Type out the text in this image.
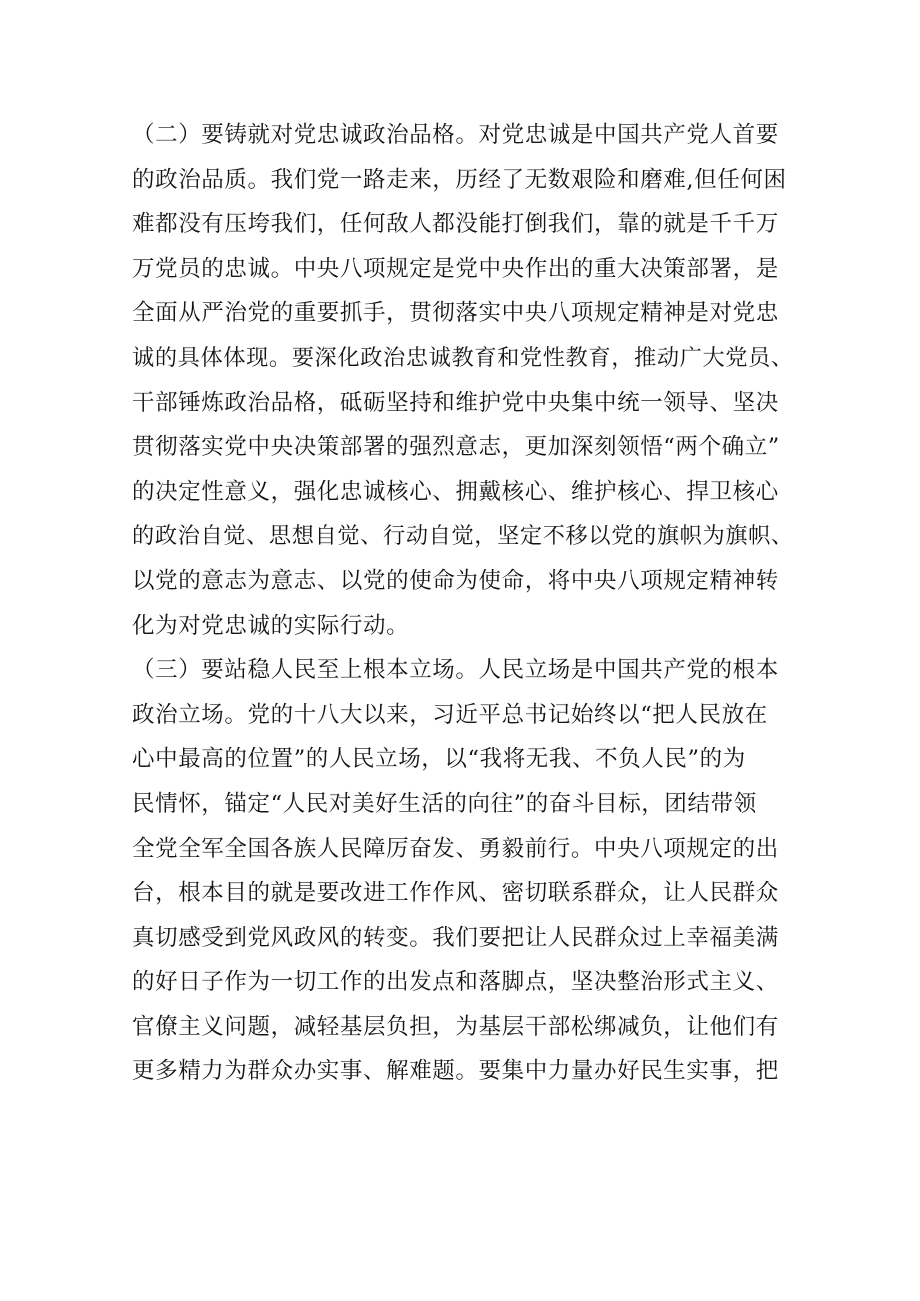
（二）要铸就对党忠诚政治品格。对党忠诚是中国共产党人首要
的政治品质。我们党一路走来，历经了无数艰险和磨难,但任何困
难都没有压垮我们，任何敌人都没能打倒我们，靠的就是千千万
万党员的忠诚。中央八项规定是党中央作出的重大决策部署，是
全面从严治党的重要抓手，贯彻落实中央八项规定精神是对党忠
诚的具体体现。要深化政治忠诚教育和党性教育，推动广大党员、
干部锤炼政治品格，砥砺坚持和维护党中央集中统一领导、坚决
贯彻落实党中央决策部署的强烈意志，更加深刻领悟“两个确立”
的决定性意义，强化忠诚核心、拥戴核心、维护核心、捍卫核心
的政治自觉、思想自觉、行动自觉，坚定不移以党的旗帜为旗帜、
以党的意志为意志、以党的使命为使命，将中央八项规定精神转
化为对党忠诚的实际行动。
（三）要站稳人民至上根本立场。人民立场是中国共产党的根本
政治立场。党的十八大以来，习近平总书记始终以“把人民放在
心中最高的位置”的人民立场，以“我将无我、不负人民”的为
民情怀，锚定“人民对美好生活的向往”的奋斗目标，团结带领
全党全军全国各族人民障厉奋发、勇毅前行。中央八项规定的出
台，根本目的就是要改进工作作风、密切联系群众，让人民群众
真切感受到党风政风的转变。我们要把让人民群众过上幸福美满
的好日子作为一切工作的出发点和落脚点，坚决整治形式主义、
官僚主义问题，减轻基层负担，为基层干部松绑减负，让他们有
更多精力为群众办实事、解难题。要集中力量办好民生实事，把
